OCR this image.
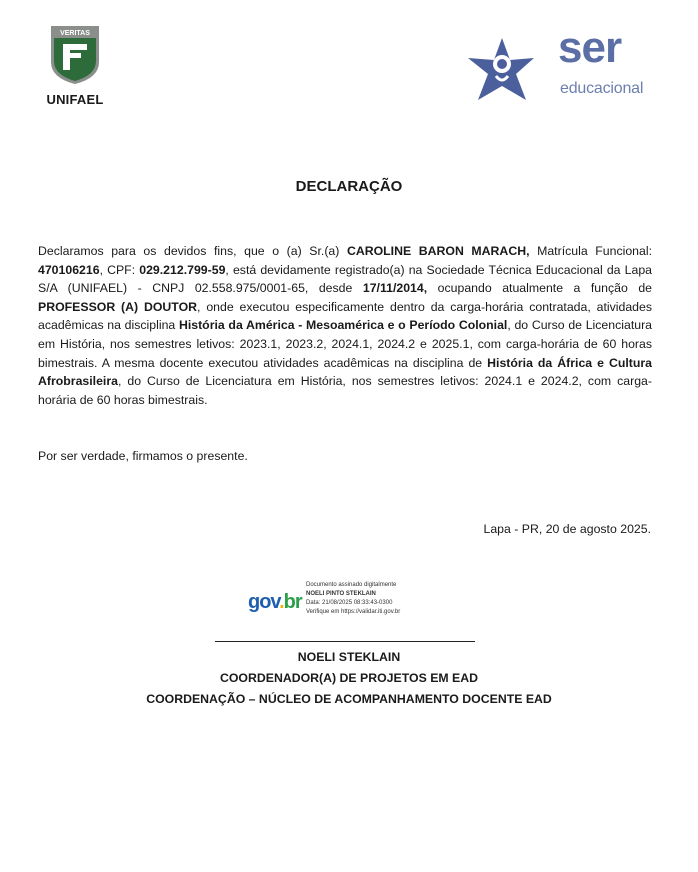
VERITAS
UNIFAEL
ser
educacional
DECLARAÇÃO
Declaramos para os devidos fins, que o (a) Sr.(a) CAROLINE BARON MARACH, Matrícula Funcional: 470106216, CPF: 029.212.799-59, está devidamente registrado(a) na Sociedade Técnica Educacional da Lapa S/A (UNIFAEL) - CNPJ 02.558.975/0001-65, desde 17/11/2014, ocupando atualmente a função de PROFESSOR (A) DOUTOR, onde executou especificamente dentro da carga-horária contratada, atividades acadêmicas na disciplina História da América - Mesoamérica e o Período Colonial, do Curso de Licenciatura em História, nos semestres letivos: 2023.1, 2023.2, 2024.1, 2024.2 e 2025.1, com carga-horária de 60 horas bimestrais. A mesma docente executou atividades acadêmicas na disciplina de História da África e Cultura Afrobrasileira, do Curso de Licenciatura em História, nos semestres letivos: 2024.1 e 2024.2, com carga-horária de 60 horas bimestrais.
Por ser verdade, firmamos o presente.
Lapa - PR, 20 de agosto 2025.
gov.br
Documento assinado digitalmente
NOELI PINTO STEKLAIN
Data: 21/08/2025 08:33:43-0300
Verifique em https://validar.iti.gov.br
NOELI STEKLAIN
COORDENADOR(A) DE PROJETOS EM EAD
COORDENAÇÃO – NÚCLEO DE ACOMPANHAMENTO DOCENTE EAD
